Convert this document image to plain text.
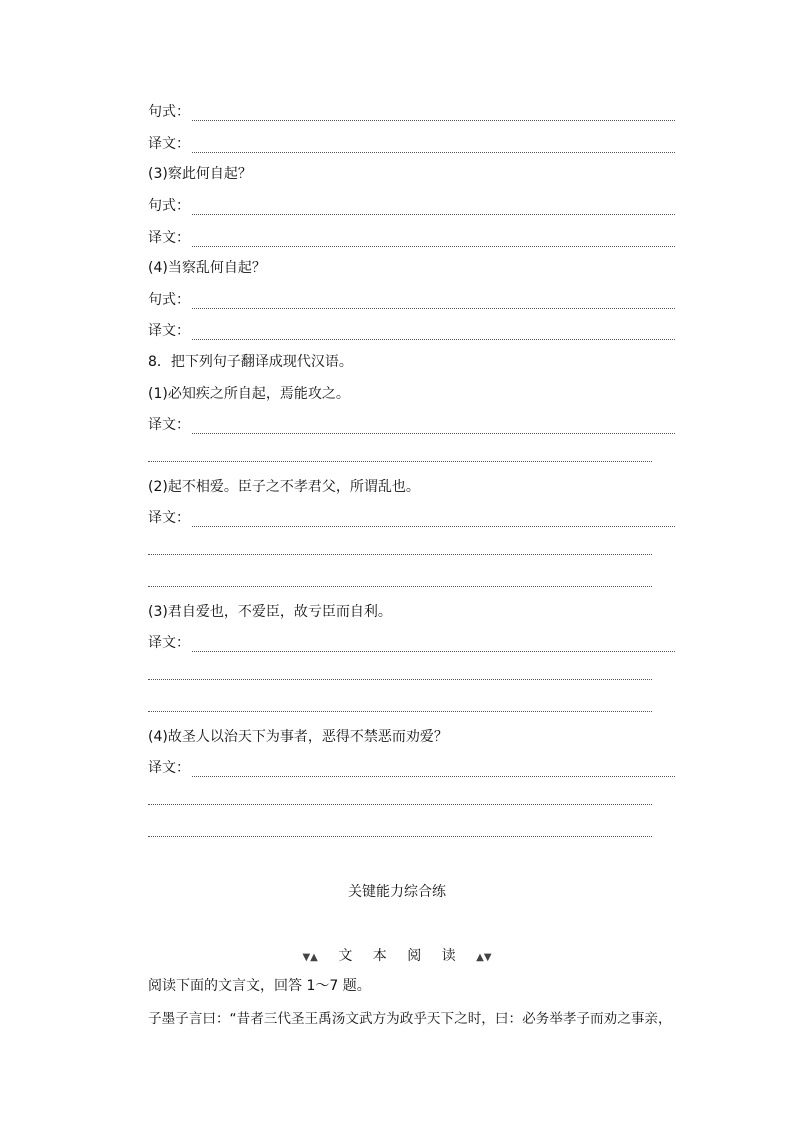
句式：
译文：
(3)察此何自起？
句式：
译文：
(4)当察乱何自起？
句式：
译文：
8．把下列句子翻译成现代汉语。
(1)必知疾之所自起，焉能攻之。
译文：
(2)起不相爱。臣子之不孝君父，所谓乱也。
译文：
(3)君自爱也，不爱臣，故亏臣而自利。
译文：
(4)故圣人以治天下为事者，恶得不禁恶而劝爱？
译文：
关键能力综合练
▼▲ 文 本 阅 读 ▲▼
阅读下面的文言文，回答 1～7 题。
子墨子言曰：“昔者三代圣王禹汤文武方为政乎天下之时，曰：必务举孝子而劝之事亲，
